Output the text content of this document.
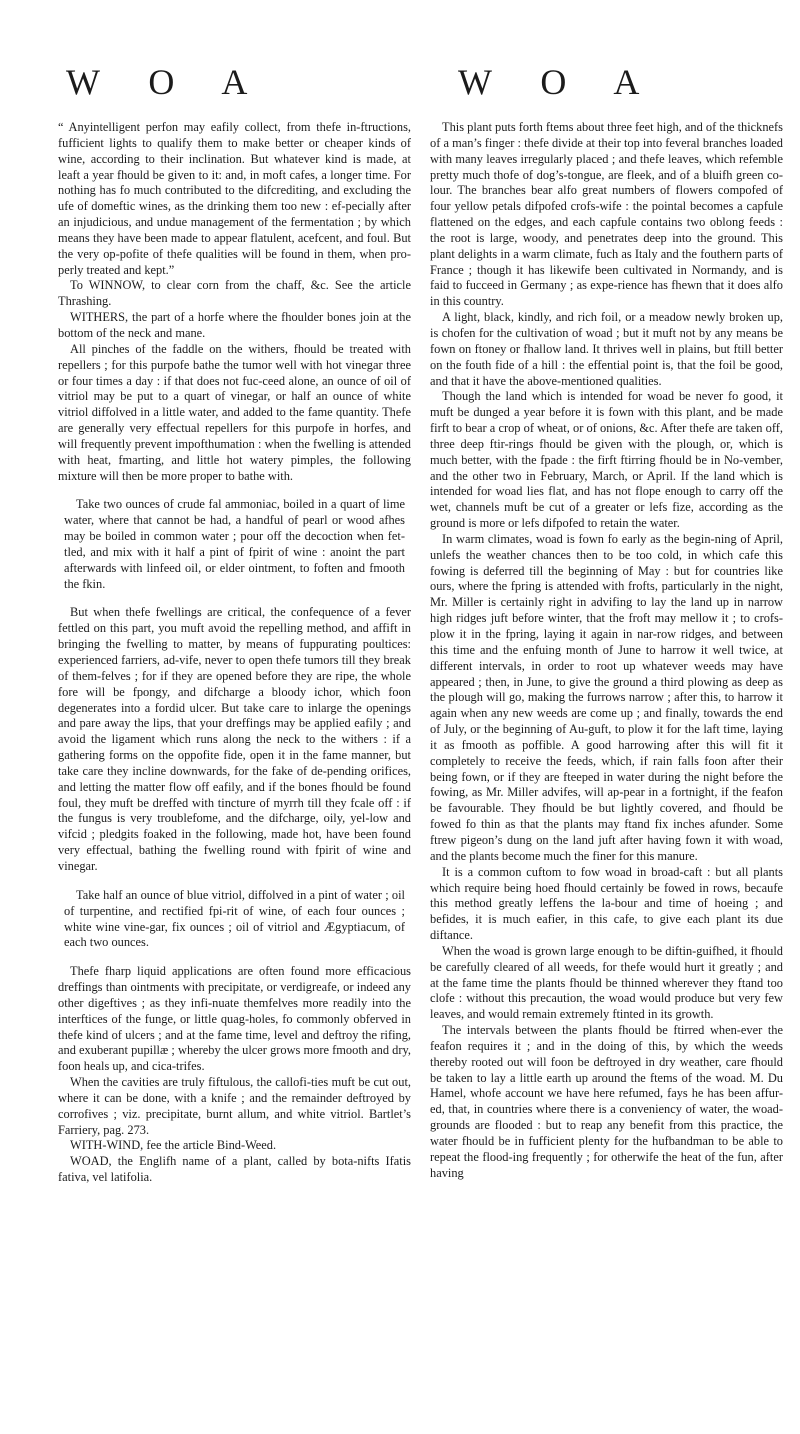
W O A	W O A

“ Anyintelligent perfon may eafily collect, from thefe in-ftructions, fufficient lights to qualify them to make better or cheaper kinds of wine, according to their inclination. But whatever kind is made, at leaft a year fhould be given to it: and, in moft cafes, a longer time. For nothing has fo much contributed to the difcrediting, and excluding the ufe of domeftic wines, as the drinking them too new : ef-pecially after an injudicious, and undue management of the fermentation ; by which means they have been made to appear flatulent, acefcent, and foul. But the very op-pofite of thefe qualities will be found in them, when pro-perly treated and kept.”

To WINNOW, to clear corn from the chaff, &c. See the article Thrashing.

WITHERS, the part of a horfe where the fhoulder bones join at the bottom of the neck and mane.

All pinches of the faddle on the withers, fhould be treated with repellers ; for this purpofe bathe the tumor well with hot vinegar three or four times a day : if that does not fuc-ceed alone, an ounce of oil of vitriol may be put to a quart of vinegar, or half an ounce of white vitriol diffolved in a little water, and added to the fame quantity. Thefe are generally very effectual repellers for this purpofe in horfes, and will frequently prevent impofthumation : when the fwelling is attended with heat, fmarting, and little hot watery pimples, the following mixture will then be more proper to bathe with.

Take two ounces of crude fal ammoniac, boiled in a quart of lime water, where that cannot be had, a handful of pearl or wood afhes may be boiled in common water ; pour off the decoction when fet-tled, and mix with it half a pint of fpirit of wine : anoint the part afterwards with linfeed oil, or elder ointment, to foften and fmooth the fkin.

But when thefe fwellings are critical, the confequence of a fever fettled on this part, you muft avoid the repelling method, and affift in bringing the fwelling to matter, by means of fuppurating poultices: experienced farriers, ad-vife, never to open thefe tumors till they break of them-felves ; for if they are opened before they are ripe, the whole fore will be fpongy, and difcharge a bloody ichor, which foon degenerates into a fordid ulcer. But take care to inlarge the openings and pare away the lips, that your dreffings may be applied eafily ; and avoid the ligament which runs along the neck to the withers : if a gathering forms on the oppofite fide, open it in the fame manner, but take care they incline downwards, for the fake of de-pending orifices, and letting the matter flow off eafily, and if the bones fhould be found foul, they muft be dreffed with tincture of myrrh till they fcale off : if the fungus is very troublefome, and the difcharge, oily, yel-low and vifcid ; pledgits foaked in the following, made hot, have been found very effectual, bathing the fwelling round with fpirit of wine and vinegar.

Take half an ounce of blue vitriol, diffolved in a pint of water ; oil of turpentine, and rectified fpi-rit of wine, of each four ounces ; white wine vine-gar, fix ounces ; oil of vitriol and Ægyptiacum, of each two ounces.

Thefe fharp liquid applications are often found more efficacious dreffings than ointments with precipitate, or verdigreafe, or indeed any other digeftives ; as they infi-nuate themfelves more readily into the interftices of the funge, or little quag-holes, fo commonly obferved in thefe kind of ulcers ; and at the fame time, level and deftroy the rifing, and exuberant pupillæ ; whereby the ulcer grows more fmooth and dry, foon heals up, and cica-trifes.

When the cavities are truly fiftulous, the callofi-ties muft be cut out, where it can be done, with a knife ; and the remainder deftroyed by corrofives ; viz. precipitate, burnt allum, and white vitriol. Bartlet’s Farriery, pag. 273.

WITH-WIND, fee the article Bind-Weed.

WOAD, the Englifh name of a plant, called by bota-nifts Ifatis fativa, vel latifolia.

This plant puts forth ftems about three feet high, and of the thicknefs of a man’s finger : thefe divide at their top into feveral branches loaded with many leaves irregularly placed ; and thefe leaves, which refemble pretty much thofe of dog’s-tongue, are fleek, and of a bluifh green co-lour. The branches bear alfo great numbers of flowers compofed of four yellow petals difpofed crofs-wife : the pointal becomes a capfule flattened on the edges, and each capfule contains two oblong feeds : the root is large, woody, and penetrates deep into the ground. This plant delights in a warm climate, fuch as Italy and the fouthern parts of France ; though it has likewife been cultivated in Normandy, and is faid to fucceed in Germany ; as expe-rience has fhewn that it does alfo in this country.

A light, black, kindly, and rich foil, or a meadow newly broken up, is chofen for the cultivation of woad ; but it muft not by any means be fown on ftoney or fhallow land. It thrives well in plains, but ftill better on the fouth fide of a hill : the effential point is, that the foil be good, and that it have the above-mentioned qualities.

Though the land which is intended for woad be never fo good, it muft be dunged a year before it is fown with this plant, and be made firft to bear a crop of wheat, or of onions, &c. After thefe are taken off, three deep ftir-rings fhould be given with the plough, or, which is much better, with the fpade : the firft ftirring fhould be in No-vember, and the other two in February, March, or April. If the land which is intended for woad lies flat, and has not flope enough to carry off the wet, channels muft be cut of a greater or lefs fize, according as the ground is more or lefs difpofed to retain the water.

In warm climates, woad is fown fo early as the begin-ning of April, unlefs the weather chances then to be too cold, in which cafe this fowing is deferred till the beginning of May : but for countries like ours, where the fpring is attended with frofts, particularly in the night, Mr. Miller is certainly right in advifing to lay the land up in narrow high ridges juft before winter, that the froft may mellow it ; to crofs-plow it in the fpring, laying it again in nar-row ridges, and between this time and the enfuing month of June to harrow it well twice, at different intervals, in order to root up whatever weeds may have appeared ; then, in June, to give the ground a third plowing as deep as the plough will go, making the furrows narrow ; after this, to harrow it again when any new weeds are come up ; and finally, towards the end of July, or the beginning of Au-guft, to plow it for the laft time, laying it as fmooth as poffible. A good harrowing after this will fit it completely to receive the feeds, which, if rain falls foon after their being fown, or if they are fteeped in water during the night before the fowing, as Mr. Miller advifes, will ap-pear in a fortnight, if the feafon be favourable. They fhould be but lightly covered, and fhould be fowed fo thin as that the plants may ftand fix inches afunder. Some ftrew pigeon’s dung on the land juft after having fown it with woad, and the plants become much the finer for this manure.

It is a common cuftom to fow woad in broad-caft : but all plants which require being hoed fhould certainly be fowed in rows, becaufe this method greatly leffens the la-bour and time of hoeing ; and befides, it is much eafier, in this cafe, to give each plant its due diftance.

When the woad is grown large enough to be diftin-guifhed, it fhould be carefully cleared of all weeds, for thefe would hurt it greatly ; and at the fame time the plants fhould be thinned wherever they ftand too clofe : without this precaution, the woad would produce but very few leaves, and would remain extremely ftinted in its growth.

The intervals between the plants fhould be ftirred when-ever the feafon requires it ; and in the doing of this, by which the weeds thereby rooted out will foon be deftroyed in dry weather, care fhould be taken to lay a little earth up around the ftems of the woad. M. Du Hamel, whofe account we have here refumed, fays he has been affur-ed, that, in countries where there is a conveniency of water, the woad-grounds are flooded : but to reap any benefit from this practice, the water fhould be in fufficient plenty for the hufbandman to be able to repeat the flood-ing frequently ; for otherwife the heat of the fun, after having
